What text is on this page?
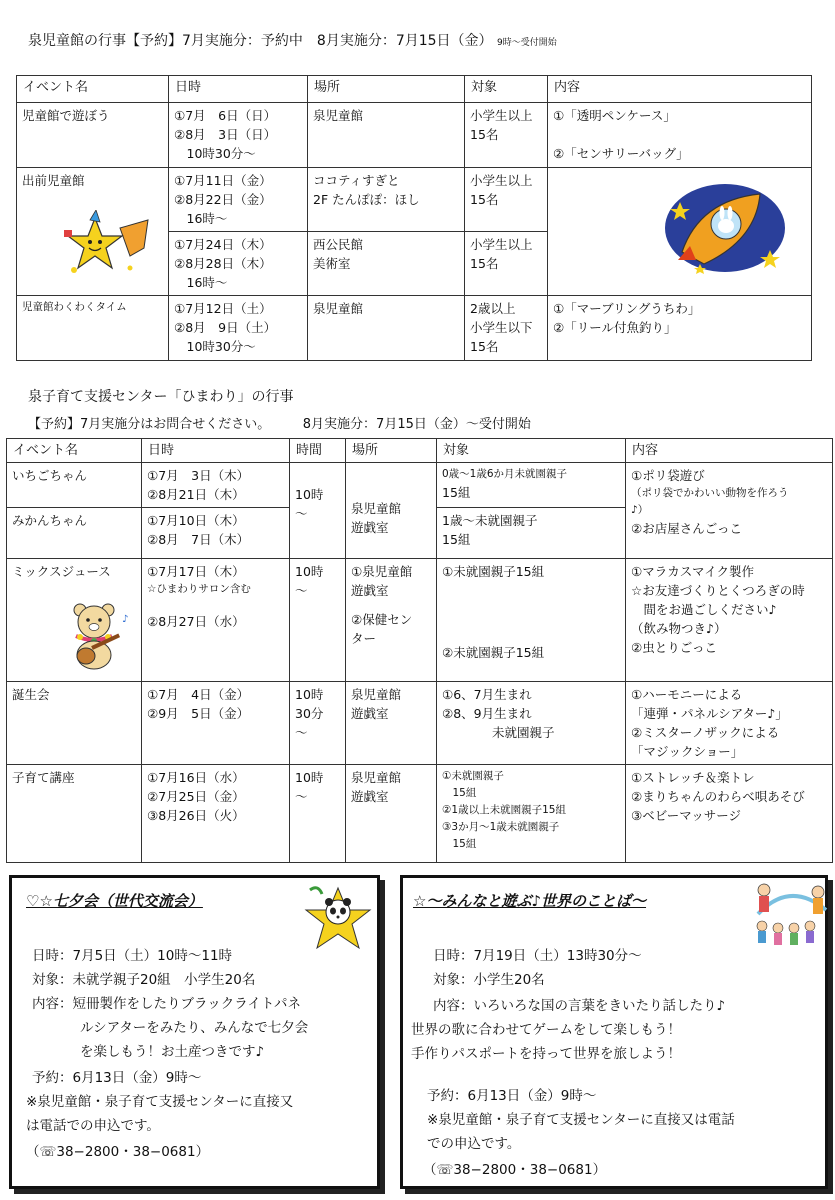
泉児童館の行事【予約】7月実施分：予約中　8月実施分：7月15日（金） 9時〜受付開始
イベント名	日時	場所	対象	内容
児童館で遊ぼう	①7月　6日（日）
②8月　3日（日）
　10時30分〜	泉児童館	小学生以上
15名	①「透明ペンケース」

②「センサリーバッグ」

出前児童館	①7月11日（金）
②8月22日（金）
　16時〜	ココティすぎと
2F たんぽぽ：ほし	小学生以上
15名	

	①7月24日（木）
②8月28日（木）
　16時〜	西公民館
美術室	小学生以上
15名	

児童館わくわくタイム	①7月12日（土）
②8月　9日（土）
　10時30分〜	泉児童館	2歳以上
小学生以下
15名	①「マーブリングうちわ」
②「リール付魚釣り」
泉子育て支援センター「ひまわり」の行事
【予約】7月実施分はお問合せください。　　　8月実施分：7月15日（金）〜受付開始
イベント名	日時	時間	場所	対象	内容
いちごちゃん	①7月　3日（木）
②8月21日（木）	10時
〜	泉児童館
遊戯室	0歳〜1歳6か月未就園親子
15組	①ポリ袋遊び
（ポリ袋でかわいい動物を作ろう
♪）
②お店屋さんごっこ

みかんちゃん	①7月10日（木）
②8月　7日（木）			1歳〜未就園親子
15組	

ミックスジュース	①7月17日（木）
☆ひまわりサロン含む
②8月27日（水）	10時
〜	①泉児童館
遊戯室
②保健セン
ター	①未就園親子15組
②未就園親子15組	①マラカスマイク製作
☆お友達づくりとくつろぎの時
　間をお過ごしください♪
（飲み物つき♪）
②虫とりごっこ

誕生会	①7月　4日（金）
②9月　5日（金）	10時
30分
〜	泉児童館
遊戯室	①6、7月生まれ
②8、9月生まれ
　　　　未就園親子	①ハーモニーによる
「連弾・パネルシアター♪」
②ミスターノザックによる
「マジックショー」

子育て講座	①7月16日（水）
②7月25日（金）
③8月26日（火）	10時
〜	泉児童館
遊戯室	①未就園親子
　15組
②1歳以上未就園親子15組
③3か月〜1歳未就園親子
　15組	①ストレッチ＆楽トレ
②まりちゃんのわらべ唄あそび
③ベビーマッサージ
♪
♡☆七夕会（世代交流会）
日時：7月5日（土）10時〜11時
対象：未就学親子20組　小学生20名
内容：短冊製作をしたりブラックライトパネ
ルシアターをみたり、みんなで七夕会
を楽しもう！お土産つきです♪
予約：6月13日（金）9時〜
※泉児童館・泉子育て支援センターに直接又
は電話での申込です。
（☏38−2800・38−0681）
☆〜みんなと遊ぶ♪世界のことば〜
日時：7月19日（土）13時30分〜
対象：小学生20名
内容：いろいろな国の言葉をきいたり話したり♪
世界の歌に合わせてゲームをして楽しもう！
手作りパスポートを持って世界を旅しよう！
予約：6月13日（金）9時〜
※泉児童館・泉子育て支援センターに直接又は電話
での申込です。
（☏38−2800・38−0681）
